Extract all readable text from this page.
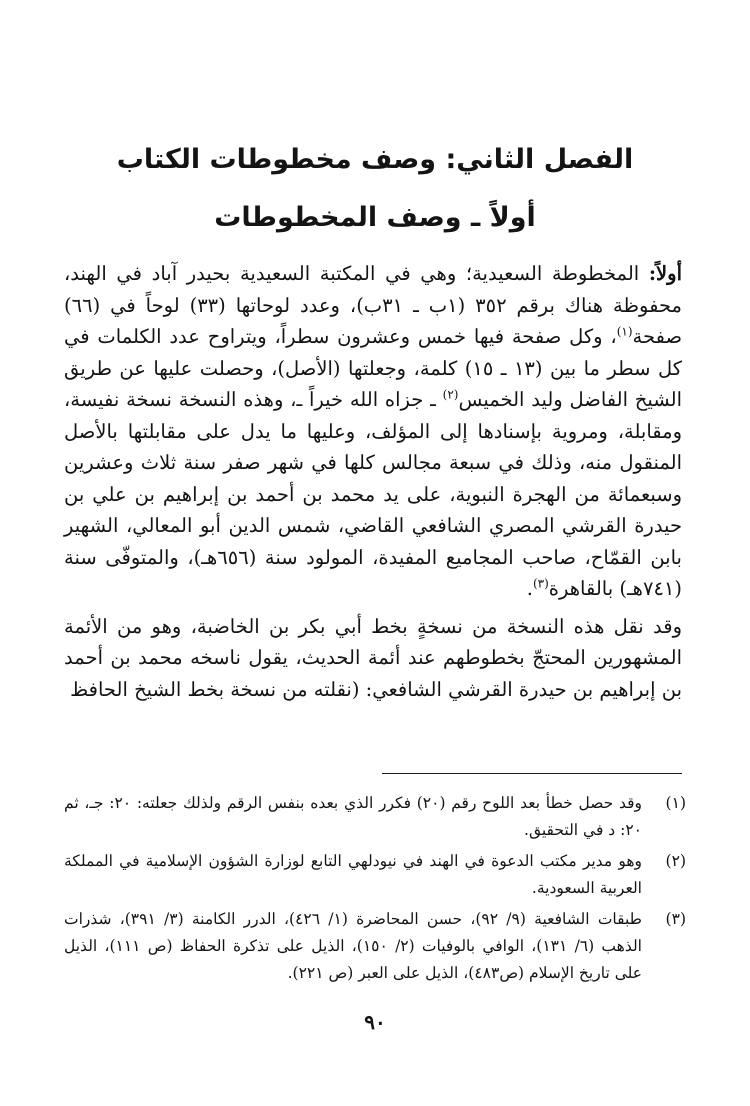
الفصل الثاني: وصف مخطوطات الكتاب
أولاً ـ وصف المخطوطات

أولاً: المخطوطة السعيدية؛ وهي في المكتبة السعيدية بحيدر آباد في الهند، محفوظة هناك برقم ٣٥٢ (١ب ـ ٣١ب)، وعدد لوحاتها (٣٣) لوحاً في (٦٦) صفحة$^{(١)}$، وكل صفحة فيها خمس وعشرون سطراً، ويتراوح عدد الكلمات في كل سطر ما بين (١٣ ـ ١٥) كلمة، وجعلتها (الأصل)، وحصلت عليها عن طريق الشيخ الفاضل وليد الخميس$^{(٢)}$ ـ جزاه الله خيراً ـ، وهذه النسخة نسخة نفيسة، ومقابلة، ومروية بإسنادها إلى المؤلف، وعليها ما يدل على مقابلتها بالأصل المنقول منه، وذلك في سبعة مجالس كلها في شهر صفر سنة ثلاث وعشرين وسبعمائة من الهجرة النبوية، على يد محمد بن أحمد بن إبراهيم بن علي بن حيدرة القرشي المصري الشافعي القاضي، شمس الدين أبو المعالي، الشهير بابن القمّاح، صاحب المجاميع المفيدة، المولود سنة (٦٥٦هـ)، والمتوفّى سنة (٧٤١هـ) بالقاهرة$^{(٣)}$.

وقد نقل هذه النسخة من نسخةٍ بخط أبي بكر بن الخاضبة، وهو من الأئمة المشهورين المحتجّ بخطوطهم عند أئمة الحديث، يقول ناسخه محمد بن أحمد بن إبراهيم بن حيدرة القرشي الشافعي: (نقلته من نسخة بخط الشيخ الحافظ

(١)
وقد حصل خطأ بعد اللوح رقم (٢٠) فكرر الذي بعده بنفس الرقم ولذلك جعلته: ٢٠: جـ، ثم ٢٠: د في التحقيق.
(٢)
وهو مدير مكتب الدعوة في الهند في نيودلهي التابع لوزارة الشؤون الإسلامية في المملكة العربية السعودية.
(٣)
طبقات الشافعية (٩/ ٩٢)، حسن المحاضرة (١/ ٤٢٦)، الدرر الكامنة (٣/ ٣٩١)، شذرات الذهب (٦/ ١٣١)، الوافي بالوفيات (٢/ ١٥٠)، الذيل على تذكرة الحفاظ (ص ١١١)، الذيل على تاريخ الإسلام (ص٤٨٣)، الذيل على العبر (ص ٢٢١).
٩٠
